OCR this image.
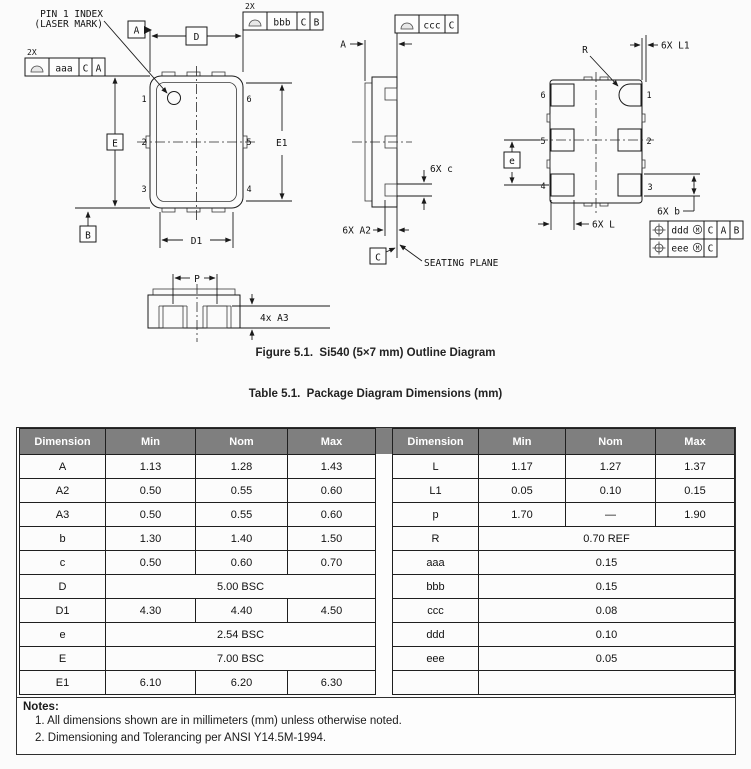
1
2
3
6
5
4
PIN 1 INDEX
(LASER MARK)
A
D
2X
bbb C B
2X
aaa C A
E
B	D1
E1
ccc C
A
6X c
6X A2
C	SEATING PLANE
6
5
4
1
2
3
R	6X L1
e
6X L
6X b
ddd M C A B
eee M C
P
4x A3
Figure 5.1.  Si540 (5×7 mm) Outline Diagram
Table 5.1.  Package Diagram Dimensions (mm)
Dimension	Min	Nom	Max
A	1.13	1.28	1.43
A2	0.50	0.55	0.60
A3	0.50	0.55	0.60
b	1.30	1.40	1.50
c	0.50	0.60	0.70
D	5.00 BSC		
D1	4.30	4.40	4.50
e	2.54 BSC		
E	7.00 BSC		
E1	6.10	6.20	6.30
Dimension	Min	Nom	Max
L	1.17	1.27	1.37
L1	0.05	0.10	0.15
p	1.70	—	1.90
R	0.70 REF		
aaa	0.15		
bbb	0.15		
ccc	0.08		
ddd	0.10		
eee	0.05		

Notes:
1. All dimensions shown are in millimeters (mm) unless otherwise noted.
2. Dimensioning and Tolerancing per ANSI Y14.5M-1994.
